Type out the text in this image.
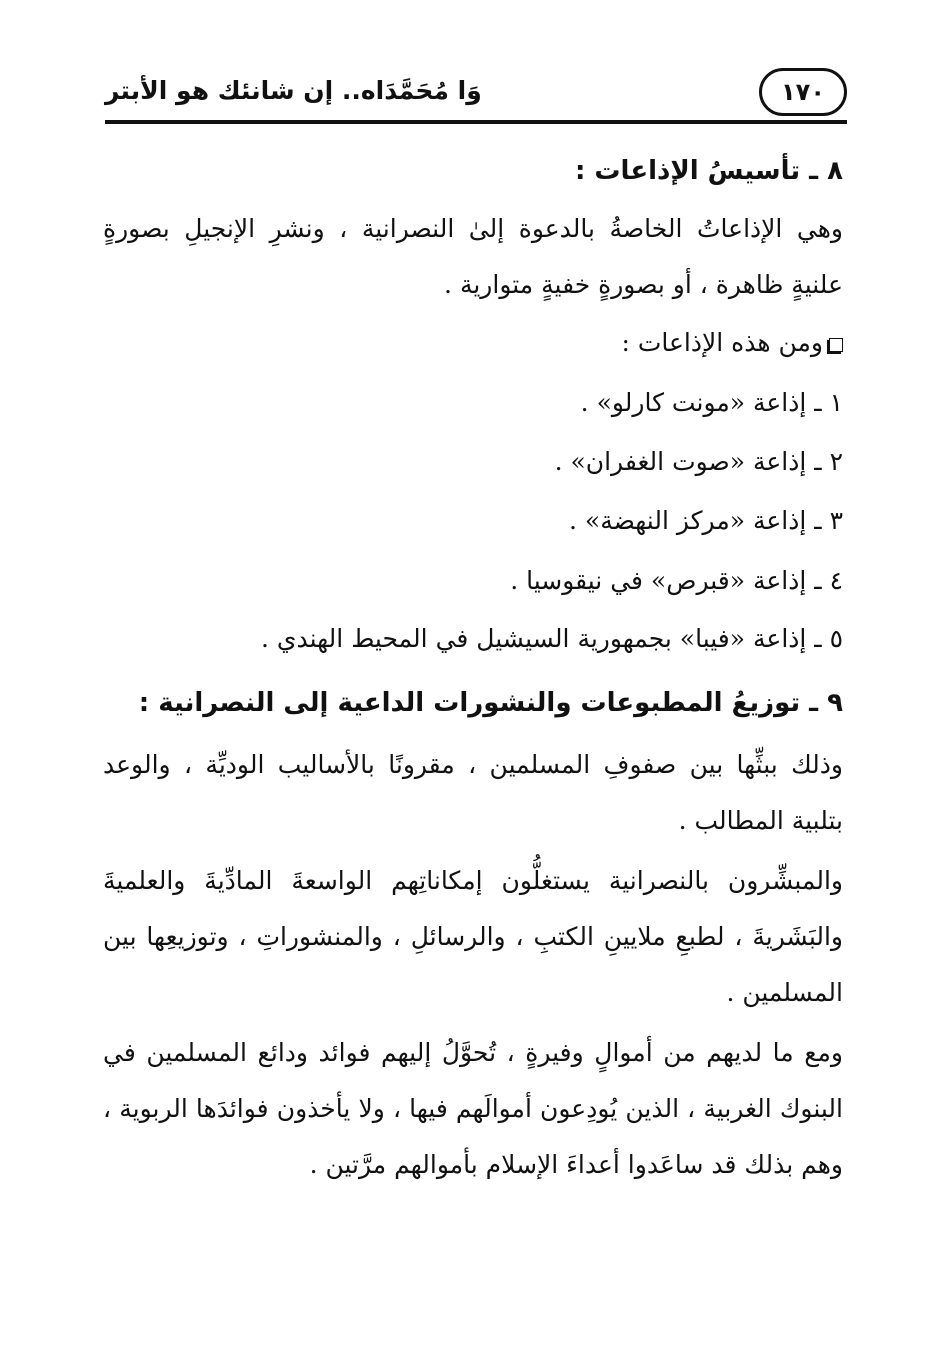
١٧٠
وَا مُحَمَّدَاه.. إن شانئك هو الأبتر
٨ ـ تأسيسُ الإذاعات :
وهي الإذاعاتُ الخاصةُ بالدعوة إلىٰ النصرانية ، ونشرِ الإنجيلِ بصورةٍ
علنيةٍ ظاهرة ، أو بصورةٍ خفيةٍ متوارية .
ومن هذه الإذاعات :
١ ـ إذاعة «مونت كارلو» .
٢ ـ إذاعة «صوت الغفران» .
٣ ـ إذاعة «مركز النهضة» .
٤ ـ إذاعة «قبرص» في نيقوسيا .
٥ ـ إذاعة «فيبا» بجمهورية السيشيل في المحيط الهندي .
٩ ـ توزيعُ المطبوعات والنشورات الداعية إلى النصرانية :
وذلك ببثِّها بين صفوفِ المسلمين ، مقرونًا بالأساليب الوديِّة ، والوعد
بتلبية المطالب .
والمبشِّرون بالنصرانية يستغلُّون إمكاناتِهم الواسعةَ المادِّيةَ والعلميةَ
والبَشَريةَ ، لطبعِ ملايينِ الكتبِ ، والرسائلِ ، والمنشوراتِ ، وتوزيعِها بين
المسلمين .
ومع ما لديهم من أموالٍ وفيرةٍ ، تُحوَّلُ إليهم فوائد ودائع المسلمين في
البنوك الغربية ، الذين يُودِعون أموالَهم فيها ، ولا يأخذون فوائدَها الربوية ،
وهم بذلك قد ساعَدوا أعداءَ الإسلام بأموالهم مرَّتين .
